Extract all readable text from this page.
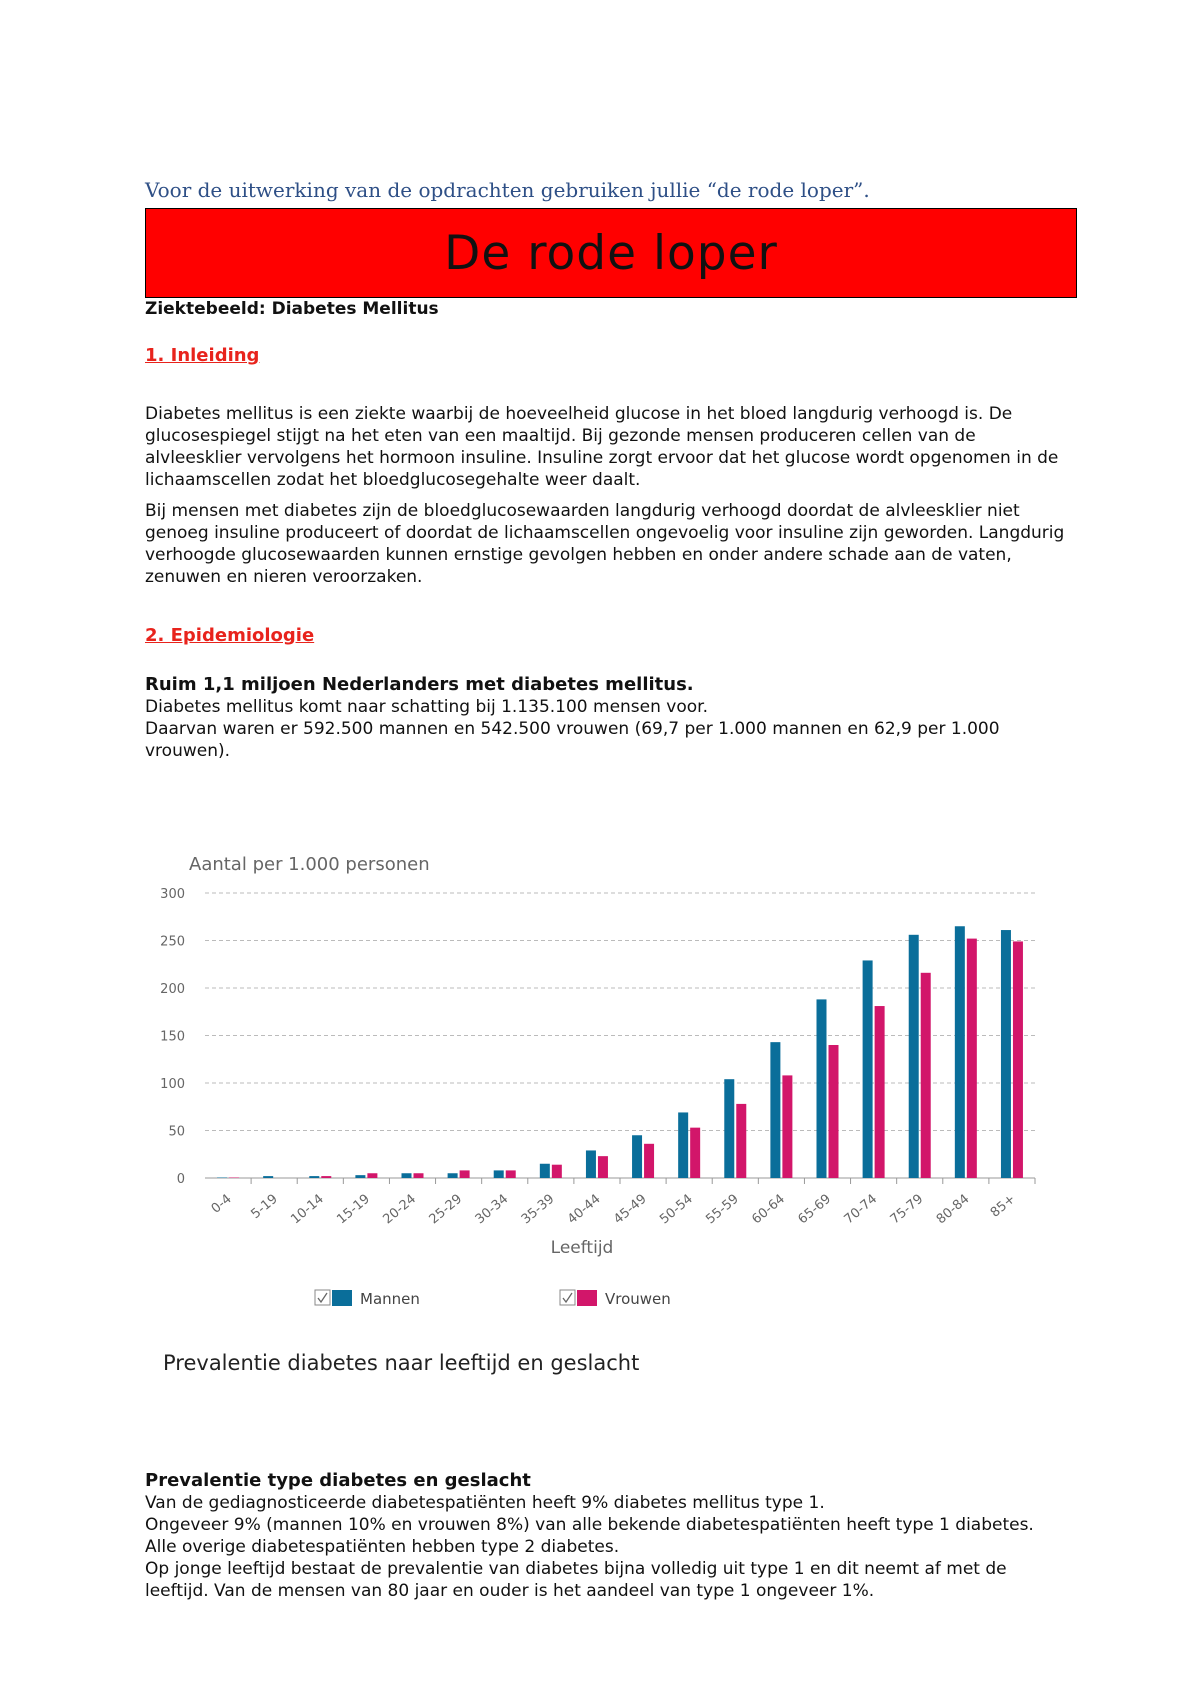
Voor de uitwerking van de opdrachten gebruiken jullie “de rode loper”.
De rode loper
Ziektebeeld: Diabetes Mellitus
1. Inleiding
Diabetes mellitus is een ziekte waarbij de hoeveelheid glucose in het bloed langdurig verhoogd is. De glucosespiegel stijgt na het eten van een maaltijd. Bij gezonde mensen produceren cellen van de alvleesklier vervolgens het hormoon insuline. Insuline zorgt ervoor dat het glucose wordt opgenomen in de lichaamscellen zodat het bloedglucosegehalte weer daalt.
Bij mensen met diabetes zijn de bloedglucosewaarden langdurig verhoogd doordat de alvleesklier niet genoeg insuline produceert of doordat de lichaamscellen ongevoelig voor insuline zijn geworden. Langdurig verhoogde glucosewaarden kunnen ernstige gevolgen hebben en onder andere schade aan de vaten, zenuwen en nieren veroorzaken.
2. Epidemiologie
Ruim 1,1 miljoen Nederlanders met diabetes mellitus.
Diabetes mellitus komt naar schatting bij 1.135.100 mensen voor.
Daarvan waren er 592.500 mannen en 542.500 vrouwen (69,7 per 1.000 mannen en 62,9 per 1.000 vrouwen).
Aantal per 1.000 personen
0
50
100
150
200
250
300
0-4 5-19 10-14 15-19 20-24 25-29 30-34 35-39 40-44 45-49 50-54 55-59 60-64 65-69 70-74 75-79 80-84 85+
Leeftijd
Mannen	Vrouwen
Prevalentie diabetes naar leeftijd en geslacht
Prevalentie type diabetes en geslacht
Van de gediagnosticeerde diabetespatiënten heeft 9% diabetes mellitus type 1.
Ongeveer 9% (mannen 10% en vrouwen 8%) van alle bekende diabetespatiënten heeft type 1 diabetes. Alle overige diabetespatiënten hebben type 2 diabetes.
Op jonge leeftijd bestaat de prevalentie van diabetes bijna volledig uit type 1 en dit neemt af met de leeftijd. Van de mensen van 80 jaar en ouder is het aandeel van type 1 ongeveer 1%.
